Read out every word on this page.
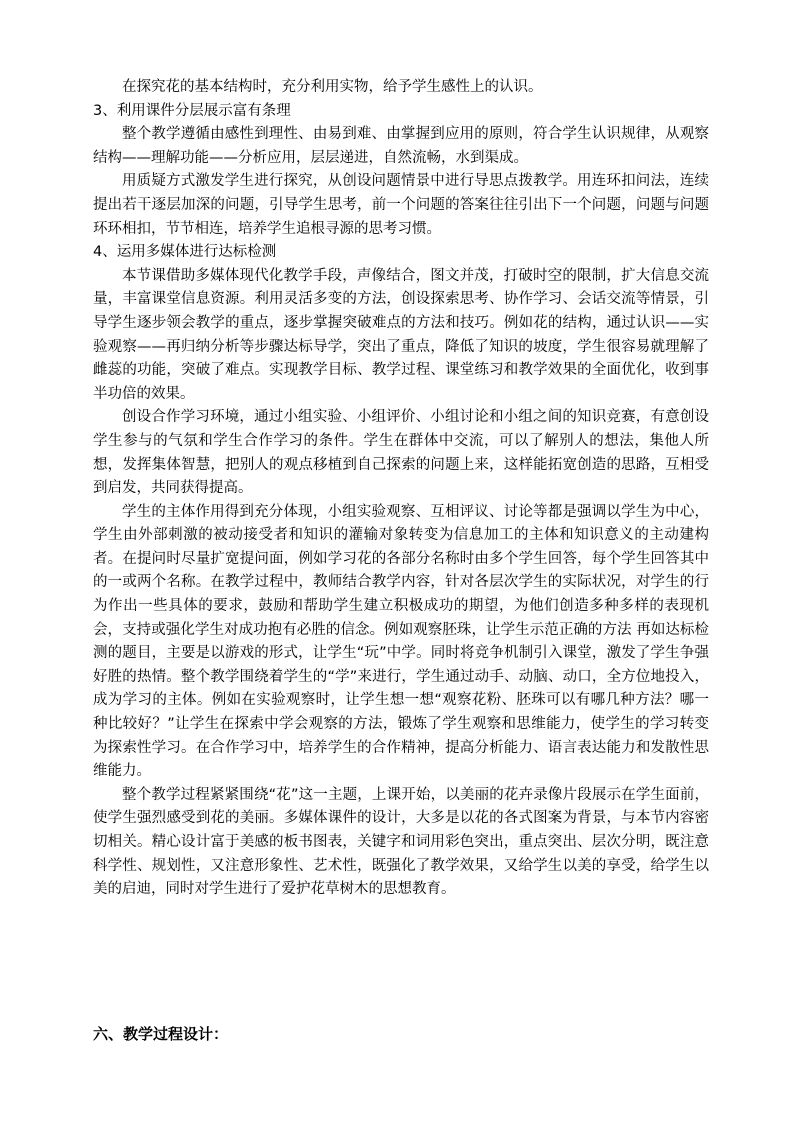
在探究花的基本结构时，充分利用实物，给予学生感性上的认识。

3、利用课件分层展示富有条理

整个教学遵循由感性到理性、由易到难、由掌握到应用的原则，符合学生认识规律，从观察结构——理解功能——分析应用，层层递进，自然流畅，水到渠成。

用质疑方式激发学生进行探究，从创设问题情景中进行导思点拨教学。用连环扣问法，连续提出若干逐层加深的问题，引导学生思考，前一个问题的答案往往引出下一个问题，问题与问题环环相扣，节节相连，培养学生追根寻源的思考习惯。

4、运用多媒体进行达标检测

本节课借助多媒体现代化教学手段，声像结合，图文并茂，打破时空的限制，扩大信息交流量，丰富课堂信息资源。利用灵活多变的方法，创设探索思考、协作学习、会话交流等情景，引导学生逐步领会教学的重点，逐步掌握突破难点的方法和技巧。例如花的结构，通过认识——实验观察——再归纳分析等步骤达标导学，突出了重点，降低了知识的坡度，学生很容易就理解了雌蕊的功能，突破了难点。实现教学目标、教学过程、课堂练习和教学效果的全面优化，收到事半功倍的效果。

创设合作学习环境，通过小组实验、小组评价、小组讨论和小组之间的知识竞赛，有意创设学生参与的气氛和学生合作学习的条件。学生在群体中交流，可以了解别人的想法，集他人所想，发挥集体智慧，把别人的观点移植到自己探索的问题上来，这样能拓宽创造的思路，互相受到启发，共同获得提高。

学生的主体作用得到充分体现，小组实验观察、互相评议、讨论等都是强调以学生为中心，学生由外部刺激的被动接受者和知识的灌输对象转变为信息加工的主体和知识意义的主动建构者。在提问时尽量扩宽提问面，例如学习花的各部分名称时由多个学生回答，每个学生回答其中的一或两个名称。在教学过程中，教师结合教学内容，针对各层次学生的实际状况，对学生的行为作出一些具体的要求，鼓励和帮助学生建立积极成功的期望，为他们创造多种多样的表现机会，支持或强化学生对成功抱有必胜的信念。例如观察胚珠，让学生示范正确的方法 再如达标检测的题目，主要是以游戏的形式，让学生“玩”中学。同时将竞争机制引入课堂，激发了学生争强好胜的热情。整个教学围绕着学生的“学”来进行，学生通过动手、动脑、动口，全方位地投入，成为学习的主体。例如在实验观察时，让学生想一想“观察花粉、胚珠可以有哪几种方法？哪一种比较好？”让学生在探索中学会观察的方法，锻炼了学生观察和思维能力，使学生的学习转变为探索性学习。在合作学习中，培养学生的合作精神，提高分析能力、语言表达能力和发散性思维能力。

整个教学过程紧紧围绕“花”这一主题，上课开始，以美丽的花卉录像片段展示在学生面前，使学生强烈感受到花的美丽。多媒体课件的设计，大多是以花的各式图案为背景，与本节内容密切相关。精心设计富于美感的板书图表，关键字和词用彩色突出，重点突出、层次分明，既注意科学性、规划性，又注意形象性、艺术性，既强化了教学效果，又给学生以美的享受，给学生以美的启迪，同时对学生进行了爱护花草树木的思想教育。

六、教学过程设计：
